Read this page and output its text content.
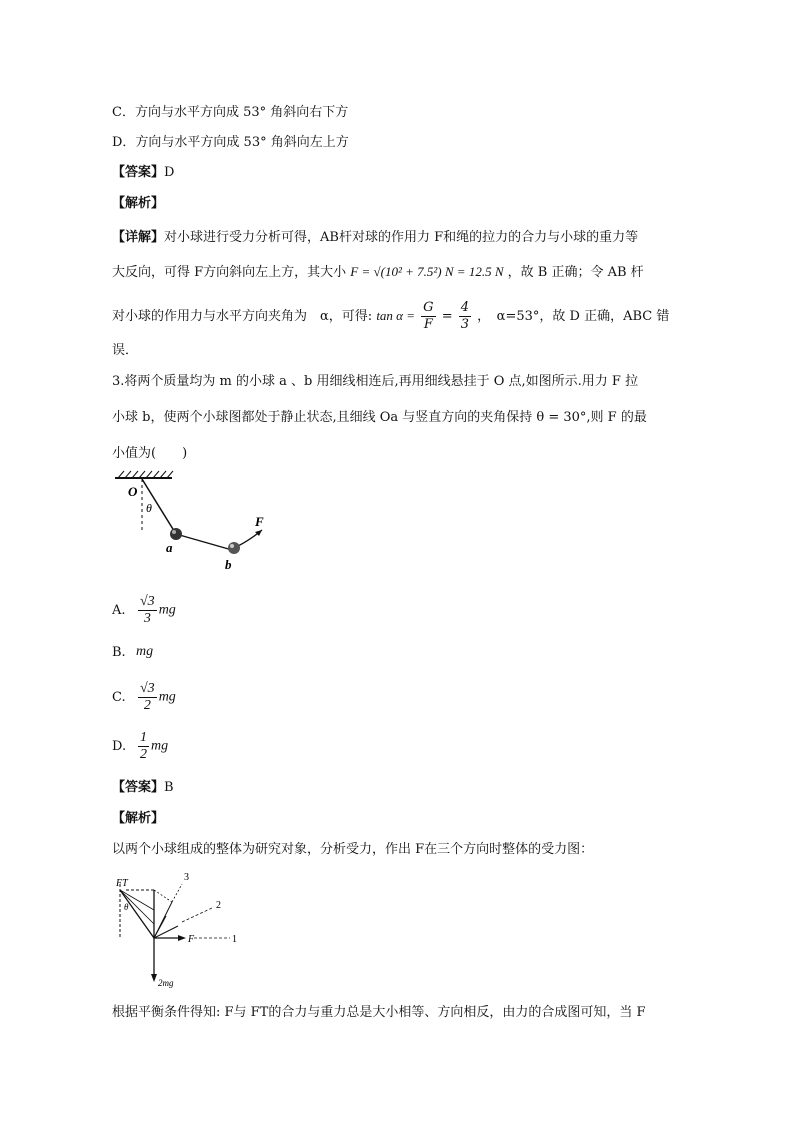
C．方向与水平方向成 53° 角斜向右下方
D．方向与水平方向成 53° 角斜向左上方
【答案】D
【解析】
【详解】对小球进行受力分析可得，AB杆对球的作用力 F和绳的拉力的合力与小球的重力等
大反向，可得 F方向斜向左上方，其大小 F = √(10² + 7.5²) N = 12.5 N ，故 B 正确；令 AB 杆
对小球的作用力与水平方向夹角为　α，可得: $\tan \alpha = \frac{G}{F} = \frac{4}{3}$ ，　α=53°，故 D 正确，ABC 错
误．
3.将两个质量均为 m 的小球 a 、b 用细线相连后,再用细线悬挂于 O 点,如图所示.用力 F 拉
小球 b，使两个小球图都处于静止状态,且细线 Oa 与竖直方向的夹角保持 θ = 30°,则 F 的最
小值为(　　)
O
θ
a
b
F
A. $\frac{√3}{3}$ mg
B. mg
C. $\frac{√3}{2}$ mg
D. $\frac{1}{2}$ mg
【答案】B
【解析】
以两个小球组成的整体为研究对象，分析受力，作出 F在三个方向时整体的受力图：
FT
θ
3
2
1
F
2mg
根据平衡条件得知: F与 FT的合力与重力总是大小相等、方向相反，由力的合成图可知，当 F
